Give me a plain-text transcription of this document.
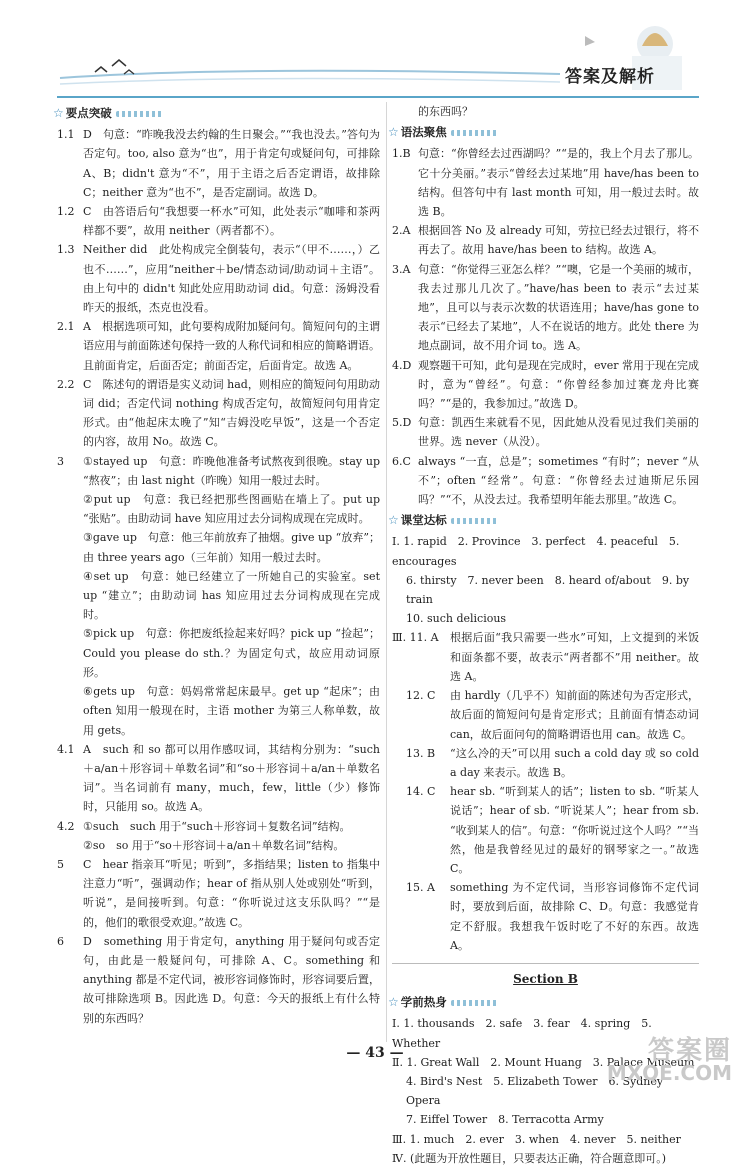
答案及解析
☆ 要点突破
1.1 D　句意：“昨晚我没去约翰的生日聚会。”“我也没去。”答句为否定句。too, also 意为“也”，用于肯定句或疑问句，可排除 A、B；didn't 意为“不”，用于主语之后否定谓语，故排除 C；neither 意为“也不”，是否定副词。故选 D。
1.2 C　由答语后句“我想要一杯水”可知，此处表示“咖啡和茶两样都不要”，故用 neither（两者都不）。
1.3 Neither did　此处构成完全倒装句，表示“（甲不……，）乙也不……”，应用“neither＋be/情态动词/助动词＋主语”。由上句中的 didn't 知此处应用助动词 did。句意：汤姆没看昨天的报纸，杰克也没看。
2.1 A　根据选项可知，此句要构成附加疑问句。简短问句的主谓语应用与前面陈述句保持一致的人称代词和相应的简略谓语。且前面肯定，后面否定；前面否定，后面肯定。故选 A。
2.2 C　陈述句的谓语是实义动词 had，则相应的简短问句用助动词 did；否定代词 nothing 构成否定句，故简短问句用肯定形式。由“他起床太晚了”知“吉姆没吃早饭”，这是一个否定的内容，故用 No。故选 C。
3	①stayed up　句意：昨晚他准备考试熬夜到很晚。stay up “熬夜”；由 last night（昨晚）知用一般过去时。
②put up　句意：我已经把那些图画贴在墙上了。put up “张贴”。由助动词 have 知应用过去分词构成现在完成时。
③gave up　句意：他三年前放弃了抽烟。give up “放弃”；由 three years ago（三年前）知用一般过去时。
④set up　句意：她已经建立了一所她自己的实验室。set up “建立”；由助动词 has 知应用过去分词构成现在完成时。
⑤pick up　句意：你把废纸捡起来好吗？pick up “捡起”；Could you please do sth.？为固定句式，故应用动词原形。
⑥gets up　句意：妈妈常常起床最早。get up “起床”；由 often 知用一般现在时，主语 mother 为第三人称单数，故用 gets。
4.1 A　such 和 so 都可以用作感叹词，其结构分别为：“such＋a/an＋形容词＋单数名词”和“so＋形容词＋a/an＋单数名词”。当名词前有 many，much，few，little（少）修饰时，只能用 so。故选 A。
4.2 ①such　such 用于“such＋形容词＋复数名词”结构。
②so　so 用于“so＋形容词＋a/an＋单数名词”结构。
5	C　hear 指亲耳“听见；听到”，多指结果；listen to 指集中注意力“听”，强调动作；hear of 指从别人处或别处“听到，听说”，是间接听到。句意：“你听说过这支乐队吗？”“是的，他们的歌很受欢迎。”故选 C。
6	D　something 用于肯定句，anything 用于疑问句或否定句，由此是一般疑问句，可排除 A、C。something 和 anything 都是不定代词，被形容词修饰时，形容词要后置，故可排除选项 B。因此选 D。句意：今天的报纸上有什么特别的东西吗？
的东西吗？
☆ 语法聚焦
1.B 句意：“你曾经去过西湖吗？”“是的，我上个月去了那儿。它十分美丽。”表示“曾经去过某地”用 have/has been to 结构。但答句中有 last month 可知，用一般过去时。故选 B。
2.A 根据回答 No 及 already 可知，劳拉已经去过银行，将不再去了。故用 have/has been to 结构。故选 A。
3.A 句意：“你觉得三亚怎么样？”“噢，它是一个美丽的城市，我去过那儿几次了。”have/has been to 表示“去过某地”，且可以与表示次数的状语连用；have/has gone to 表示“已经去了某地”，人不在说话的地方。此处 there 为地点副词，故不用介词 to。选 A。
4.D 观察题干可知，此句是现在完成时，ever 常用于现在完成时，意为“曾经”。句意：“你曾经参加过赛龙舟比赛吗？”“是的，我参加过。”故选 D。
5.D 句意：凯西生来就看不见，因此她从没看见过我们美丽的世界。选 never（从没）。
6.C always “一直，总是”；sometimes “有时”；never “从不”；often “经常”。句意：“你曾经去过迪斯尼乐园吗？”“不，从没去过。我希望明年能去那里。”故选 C。
☆ 课堂达标
Ⅰ. 1. rapid　2. Province　3. perfect　4. peaceful　5. encourages
6. thirsty　7. never been　8. heard of/about　9. by train
10. such delicious
Ⅲ. 11. A	根据后面“我只需要一些水”可知，上文提到的米饭和面条都不要，故表示“两者都不”用 neither。故选 A。
12. C	由 hardly（几乎不）知前面的陈述句为否定形式，故后面的简短问句是肯定形式；且前面有情态动词 can，故后面问句的简略谓语也用 can。故选 C。
13. B	“这么冷的天”可以用 such a cold day 或 so cold a day 来表示。故选 B。
14. C	hear sb. “听到某人的话”；listen to sb. “听某人说话”；hear of sb. “听说某人”；hear from sb. “收到某人的信”。句意：“你听说过这个人吗？”“当然，他是我曾经见过的最好的钢琴家之一。”故选 C。
15. A	something 为不定代词，当形容词修饰不定代词时，要放到后面，故排除 C、D。句意：我感觉肯定不舒服。我想我午饭时吃了不好的东西。故选 A。
Section B
☆ 学前热身
Ⅰ. 1. thousands　2. safe　3. fear　4. spring　5. Whether
Ⅱ. 1. Great Wall　2. Mount Huang　3. Palace Museum
4. Bird's Nest　5. Elizabeth Tower　6. Sydney Opera
7. Eiffel Tower　8. Terracotta Army
Ⅲ. 1. much　2. ever　3. when　4. never　5. neither
Ⅳ. (此题为开放性题目，只要表达正确，符合题意即可。)
— 43 —	答案圈
MXQE.COM
